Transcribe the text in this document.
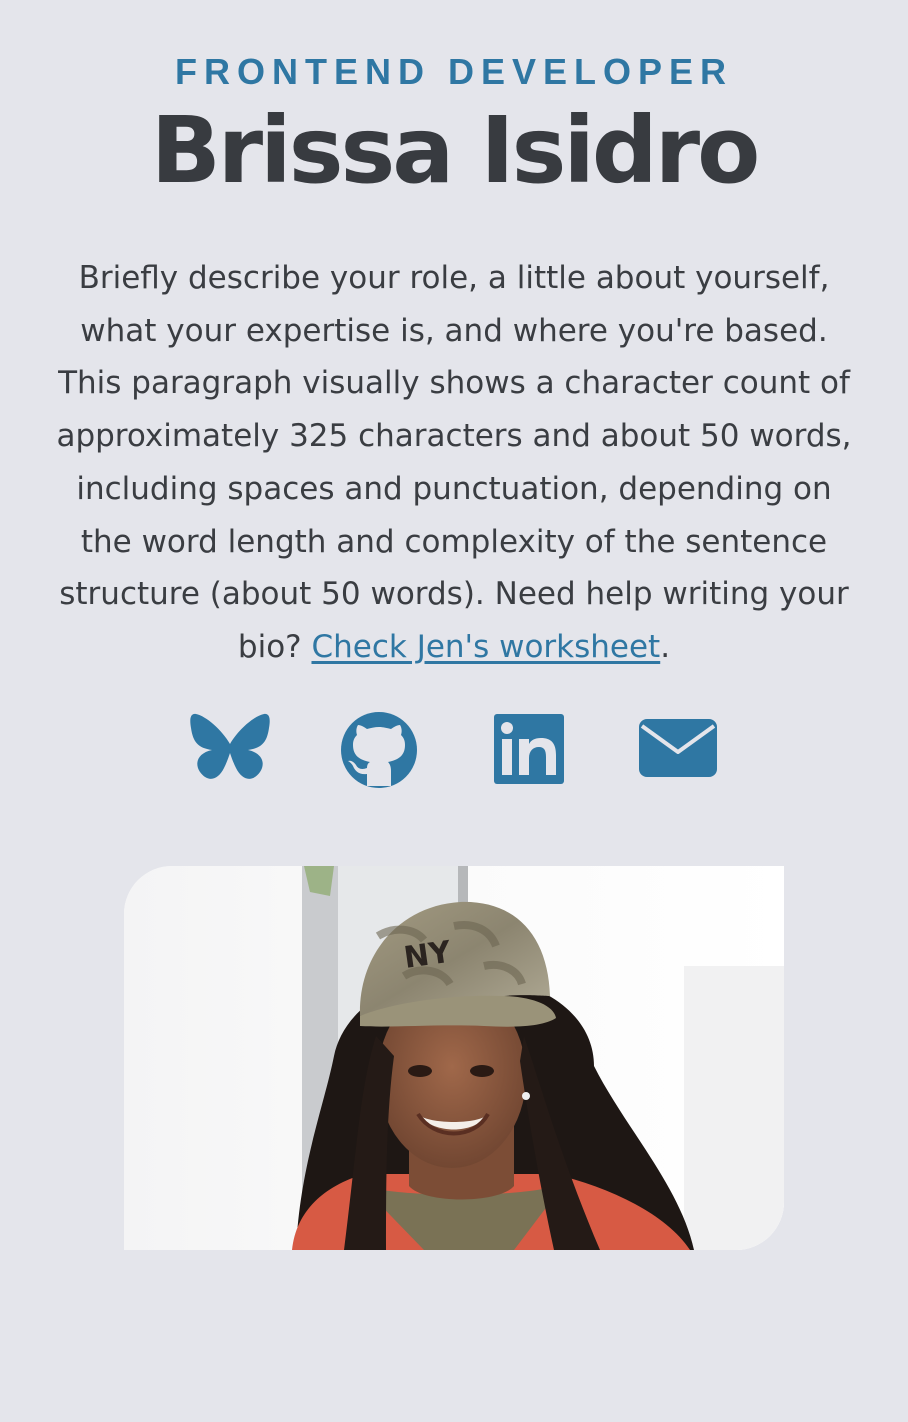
FRONTEND DEVELOPER
Brissa Isidro

Briefly describe your role, a little about yourself, what your expertise is, and where you're based. This paragraph visually shows a character count of approximately 325 characters and about 50 words, including spaces and punctuation, depending on the word length and complexity of the sentence structure (about 50 words). Need help writing your bio? Check Jen's worksheet.

NY
